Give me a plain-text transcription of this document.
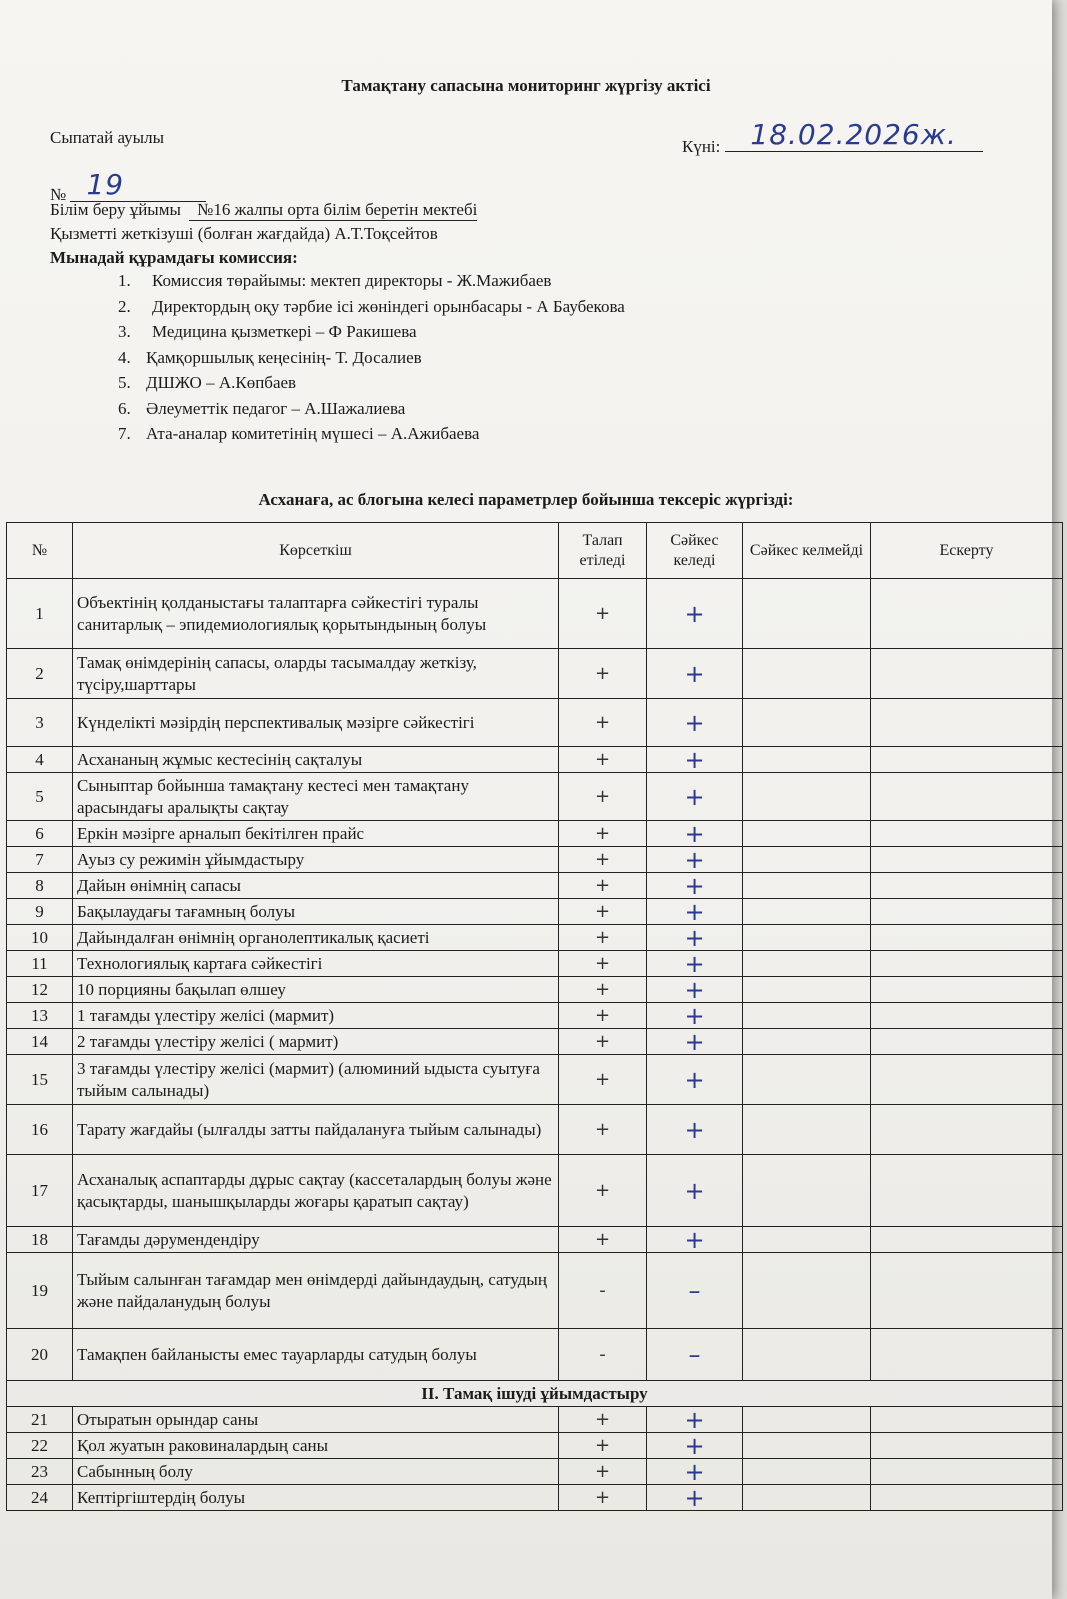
Тамақтану сапасына мониторинг жүргізу актісі
Сыпатай ауылы	Күні: 18.02.2026ж.
№ 19
Білім беру ұйымы №16 жалпы орта білім беретін мектебі
Қызметті жеткізуші (болған жағдайда) А.Т.Тоқсейтов
Мынадай құрамдағы комиссия:
1. Комиссия төрайымы: мектеп директоры - Ж.Мажибаев
2. Директордың оқу тәрбие ісі жөніндегі орынбасары - А Баубекова
3. Медицина қызметкері – Ф Ракишева
4. Қамқоршылық кеңесінің- Т. Досалиев
5. ДШЖО – А.Көпбаев
6. Әлеуметтік педагог – А.Шажалиева
7. Ата-аналар комитетінің мүшесі – А.Ажибаева
Асханаға, ас блогына келесі параметрлер бойынша тексеріс жүргізді:
№	Көрсеткіш	Талап етіледі	Сәйкес келеді	Сәйкес келмейді	Ескерту
1	Объектінің қолданыстағы талаптарға сәйкестігі туралы санитарлық – эпидемиологиялық қорытындының болуы	+	+		
2	Тамақ өнімдерінің сапасы, оларды тасымалдау жеткізу, түсіру,шарттары	+	+		
3	Күнделікті мәзірдің перспективалық мәзірге сәйкестігі	+	+		
4	Асхананың жұмыс кестесінің сақталуы	+	+		
5	Сыныптар бойынша тамақтану кестесі мен тамақтану арасындағы аралықты сақтау	+	+		
6	Еркін мәзірге арналып бекітілген прайс	+	+		
7	Ауыз су режимін ұйымдастыру	+	+		
8	Дайын өнімнің сапасы	+	+		
9	Бақылаудағы тағамның болуы	+	+		
10	Дайындалған өнімнің органолептикалық қасиеті	+	+		
11	Технологиялық картаға сәйкестігі	+	+		
12	10 порцияны бақылап өлшеу	+	+		
13	1 тағамды үлестіру желісі (мармит)	+	+		
14	2 тағамды үлестіру желісі ( мармит)	+	+		
15	3 тағамды үлестіру желісі (мармит) (алюминий ыдыста суытуға тыйым салынады)	+	+		
16	Тарату жағдайы (ылғалды затты пайдалануға тыйым салынады)	+	+		
17	Асханалық аспаптарды дұрыс сақтау (кассеталардың болуы және қасықтарды, шанышқыларды жоғары қаратып сақтау)	+	+		
18	Тағамды дәрумендендіру	+	+		
19	Тыйым салынған тағамдар мен өнімдерді дайындаудың, сатудың және пайдаланудың болуы	-	–		
20	Тамақпен байланысты емес тауарларды сатудың болуы	-	–		
ІІ. Тамақ ішуді ұйымдастыру					
21	Отыратын орындар саны	+	+		
22	Қол жуатын раковиналардың саны	+	+		
23	Сабынның болу	+	+		
24	Кептіргіштердің болуы	+	+		
